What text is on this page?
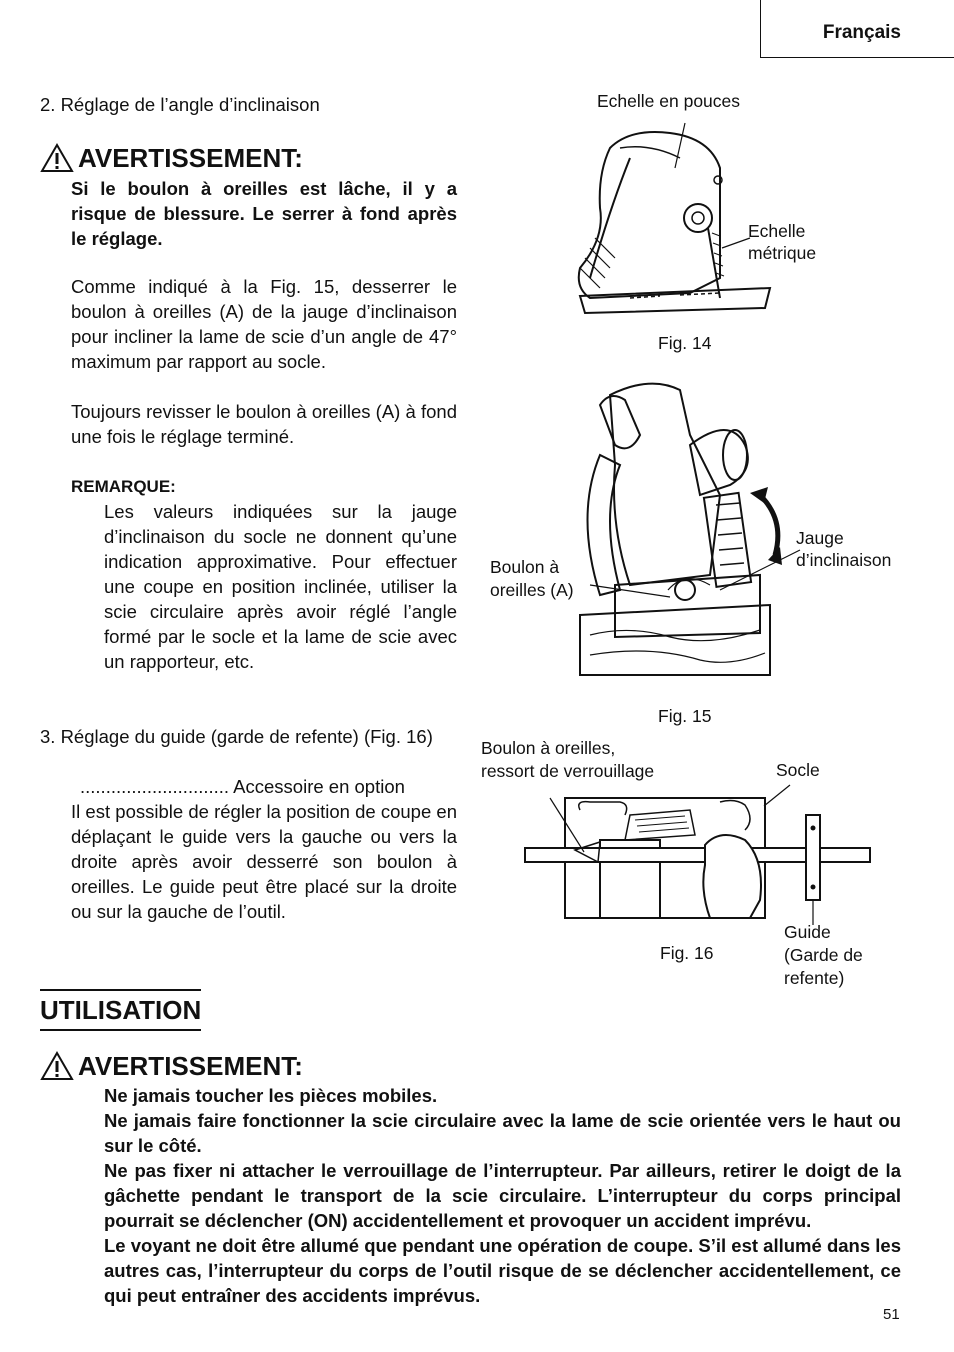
Français
2. Réglage de l’angle d’inclinaison
AVERTISSEMENT:
Si le boulon à oreilles est lâche, il y a risque de blessure. Le serrer à fond après le réglage.
Comme indiqué à la Fig. 15, desserrer le boulon à oreilles (A) de la jauge d’inclinaison pour incliner la lame de scie d’un angle de 47° maximum par rapport au socle.
Toujours revisser le boulon à oreilles (A) à fond une fois le réglage terminé.
REMARQUE:
Les valeurs indiquées sur la jauge d’inclinaison du socle ne donnent qu’une indication approximative. Pour effectuer une coupe en position inclinée, utiliser la scie circulaire après avoir réglé l’angle formé par le socle et la lame de scie avec un rapporteur, etc.
3. Réglage du guide (garde de refente) (Fig. 16)
............................. Accessoire en option
Il est possible de régler la position de coupe en déplaçant le guide vers la gauche ou vers la droite après avoir desserré son boulon à oreilles. Le guide peut être placé sur la droite ou sur la gauche de l’outil.
Echelle en pouces
Echelle
métrique
Fig. 14
Boulon à
oreilles (A)
Jauge
d’inclinaison
Fig. 15
Boulon à oreilles,
ressort de verrouillage	Socle
Fig. 16
Guide
(Garde de
refente)
UTILISATION
AVERTISSEMENT:

Ne jamais toucher les pièces mobiles.

Ne jamais faire fonctionner la scie circulaire avec la lame de scie orientée vers le haut ou sur le côté.

Ne pas fixer ni attacher le verrouillage de l’interrupteur. Par ailleurs, retirer le doigt de la gâchette pendant le transport de la scie circulaire. L’interrupteur du corps principal pourrait se déclencher (ON) accidentellement et provoquer un accident imprévu.

Le voyant ne doit être allumé que pendant une opération de coupe. S’il est allumé dans les autres cas, l’interrupteur du corps de l’outil risque de se déclencher accidentellement, ce qui peut entraîner des accidents imprévus.

51
